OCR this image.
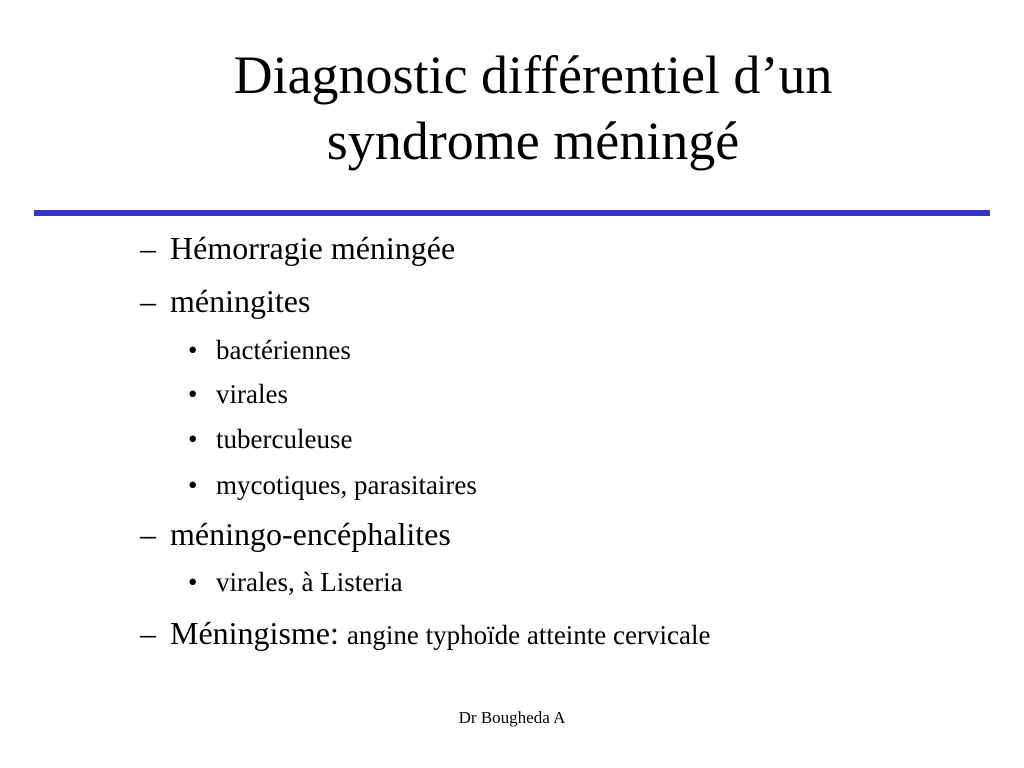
Diagnostic différentiel d’un
syndrome méningé
– Hémorragie méningée
– méningites
• bactériennes
• virales
• tuberculeuse
• mycotiques, parasitaires
– méningo-encéphalites
• virales, à Listeria
– Méningisme: angine typhoïde atteinte cervicale
Dr Bougheda A
